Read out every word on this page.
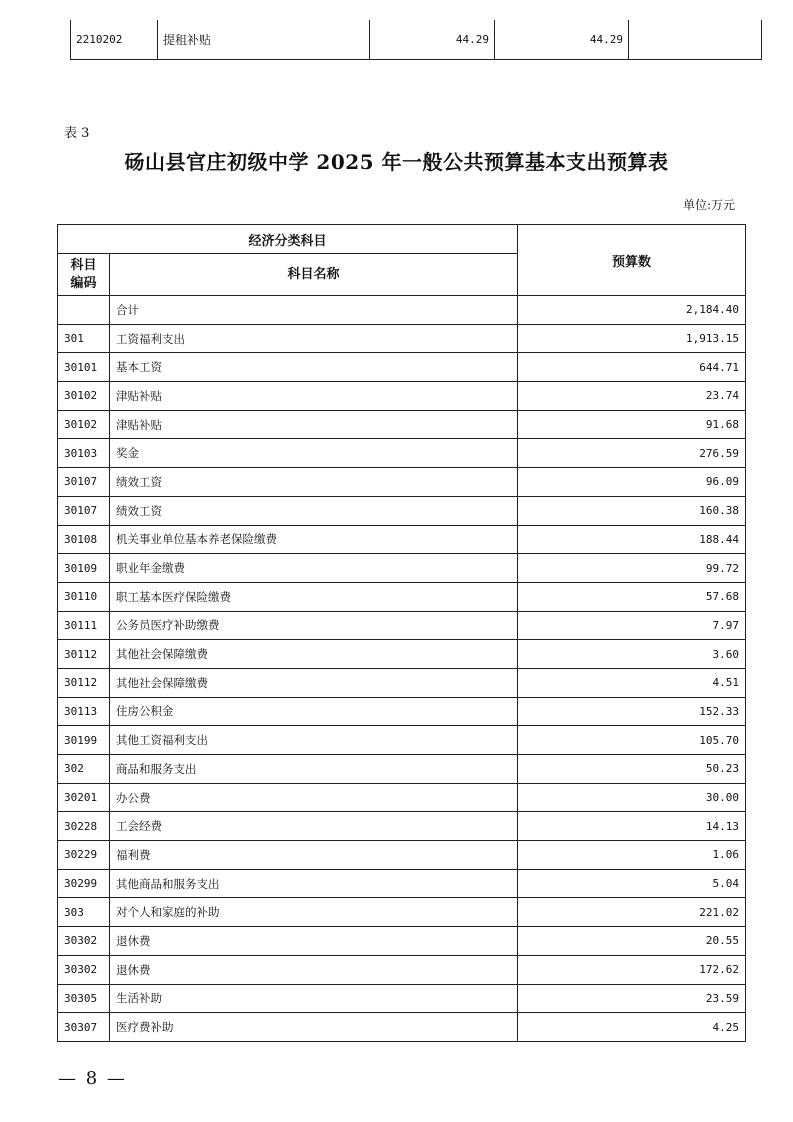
2210202	提租补贴	44.29	44.29	
表 3
砀山县官庄初级中学 2025 年一般公共预算基本支出预算表
单位:万元
经济分类科目		预算数
科目
编码	科目名称	
	合计	2,184.40
301	工资福利支出	1,913.15
30101	基本工资	644.71
30102	津贴补贴	23.74
30102	津贴补贴	91.68
30103	奖金	276.59
30107	绩效工资	96.09
30107	绩效工资	160.38
30108	机关事业单位基本养老保险缴费	188.44
30109	职业年金缴费	99.72
30110	职工基本医疗保险缴费	57.68
30111	公务员医疗补助缴费	7.97
30112	其他社会保障缴费	3.60
30112	其他社会保障缴费	4.51
30113	住房公积金	152.33
30199	其他工资福利支出	105.70
302	商品和服务支出	50.23
30201	办公费	30.00
30228	工会经费	14.13
30229	福利费	1.06
30299	其他商品和服务支出	5.04
303	对个人和家庭的补助	221.02
30302	退休费	20.55
30302	退休费	172.62
30305	生活补助	23.59
30307	医疗费补助	4.25
— 8 —
